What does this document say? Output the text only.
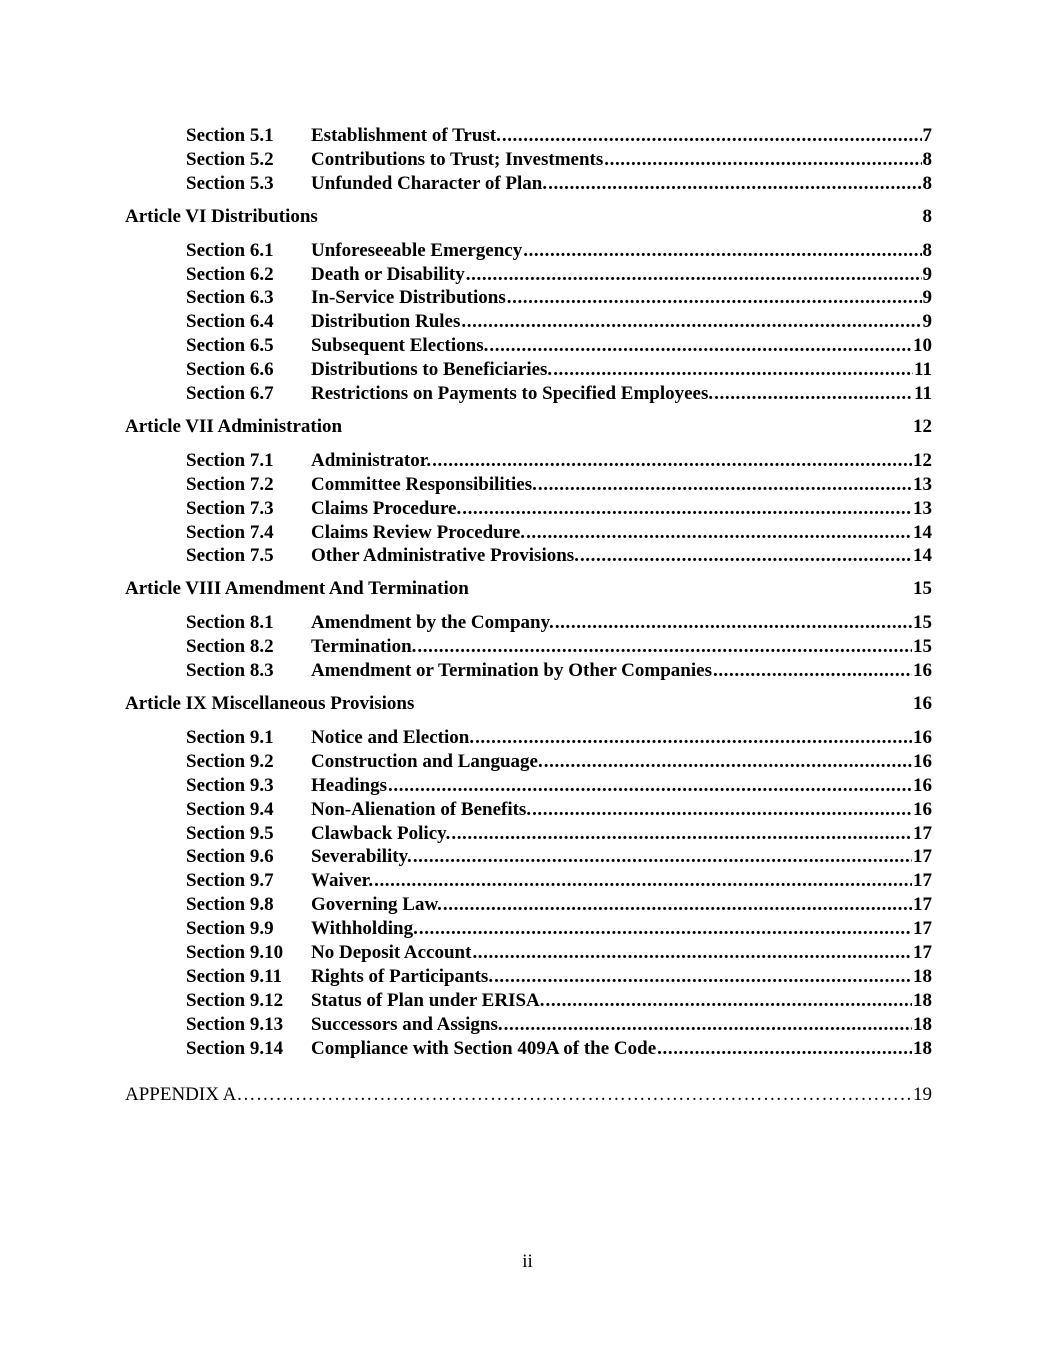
Section 5.1	Establishment of Trust. .....	7
Section 5.2	Contributions to Trust; Investments .....	8
Section 5.3	Unfunded Character of Plan. .....	8
Article VI Distributions	8
Section 6.1	Unforeseeable Emergency .....	8
Section 6.2	Death or Disability .....	9
Section 6.3	In-Service Distributions .....	9
Section 6.4	Distribution Rules .....	9
Section 6.5	Subsequent Elections. .....	10
Section 6.6	Distributions to Beneficiaries. .....	11
Section 6.7	Restrictions on Payments to Specified Employees. .....	11
Article VII Administration	12
Section 7.1	Administrator. .....	12
Section 7.2	Committee Responsibilities. .....	13
Section 7.3	Claims Procedure. .....	13
Section 7.4	Claims Review Procedure. .....	14
Section 7.5	Other Administrative Provisions. .....	14
Article VIII Amendment And Termination	15
Section 8.1	Amendment by the Company. .....	15
Section 8.2	Termination. .....	15
Section 8.3	Amendment or Termination by Other Companies .....	16
Article IX Miscellaneous Provisions	16
Section 9.1	Notice and Election. .....	16
Section 9.2	Construction and Language. .....	16
Section 9.3	Headings .....	16
Section 9.4	Non-Alienation of Benefits. .....	16
Section 9.5	Clawback Policy. .....	17
Section 9.6	Severability. .....	17
Section 9.7	Waiver. .....	17
Section 9.8	Governing Law. .....	17
Section 9.9	Withholding. .....	17
Section 9.10	No Deposit Account .....	17
Section 9.11	Rights of Participants. .....	18
Section 9.12	Status of Plan under ERISA. .....	18
Section 9.13	Successors and Assigns. .....	18
Section 9.14	Compliance with Section 409A of the Code .....	18
APPENDIX A ………………………………………………………………………………………………………………………………………………………………………………	19
ii
